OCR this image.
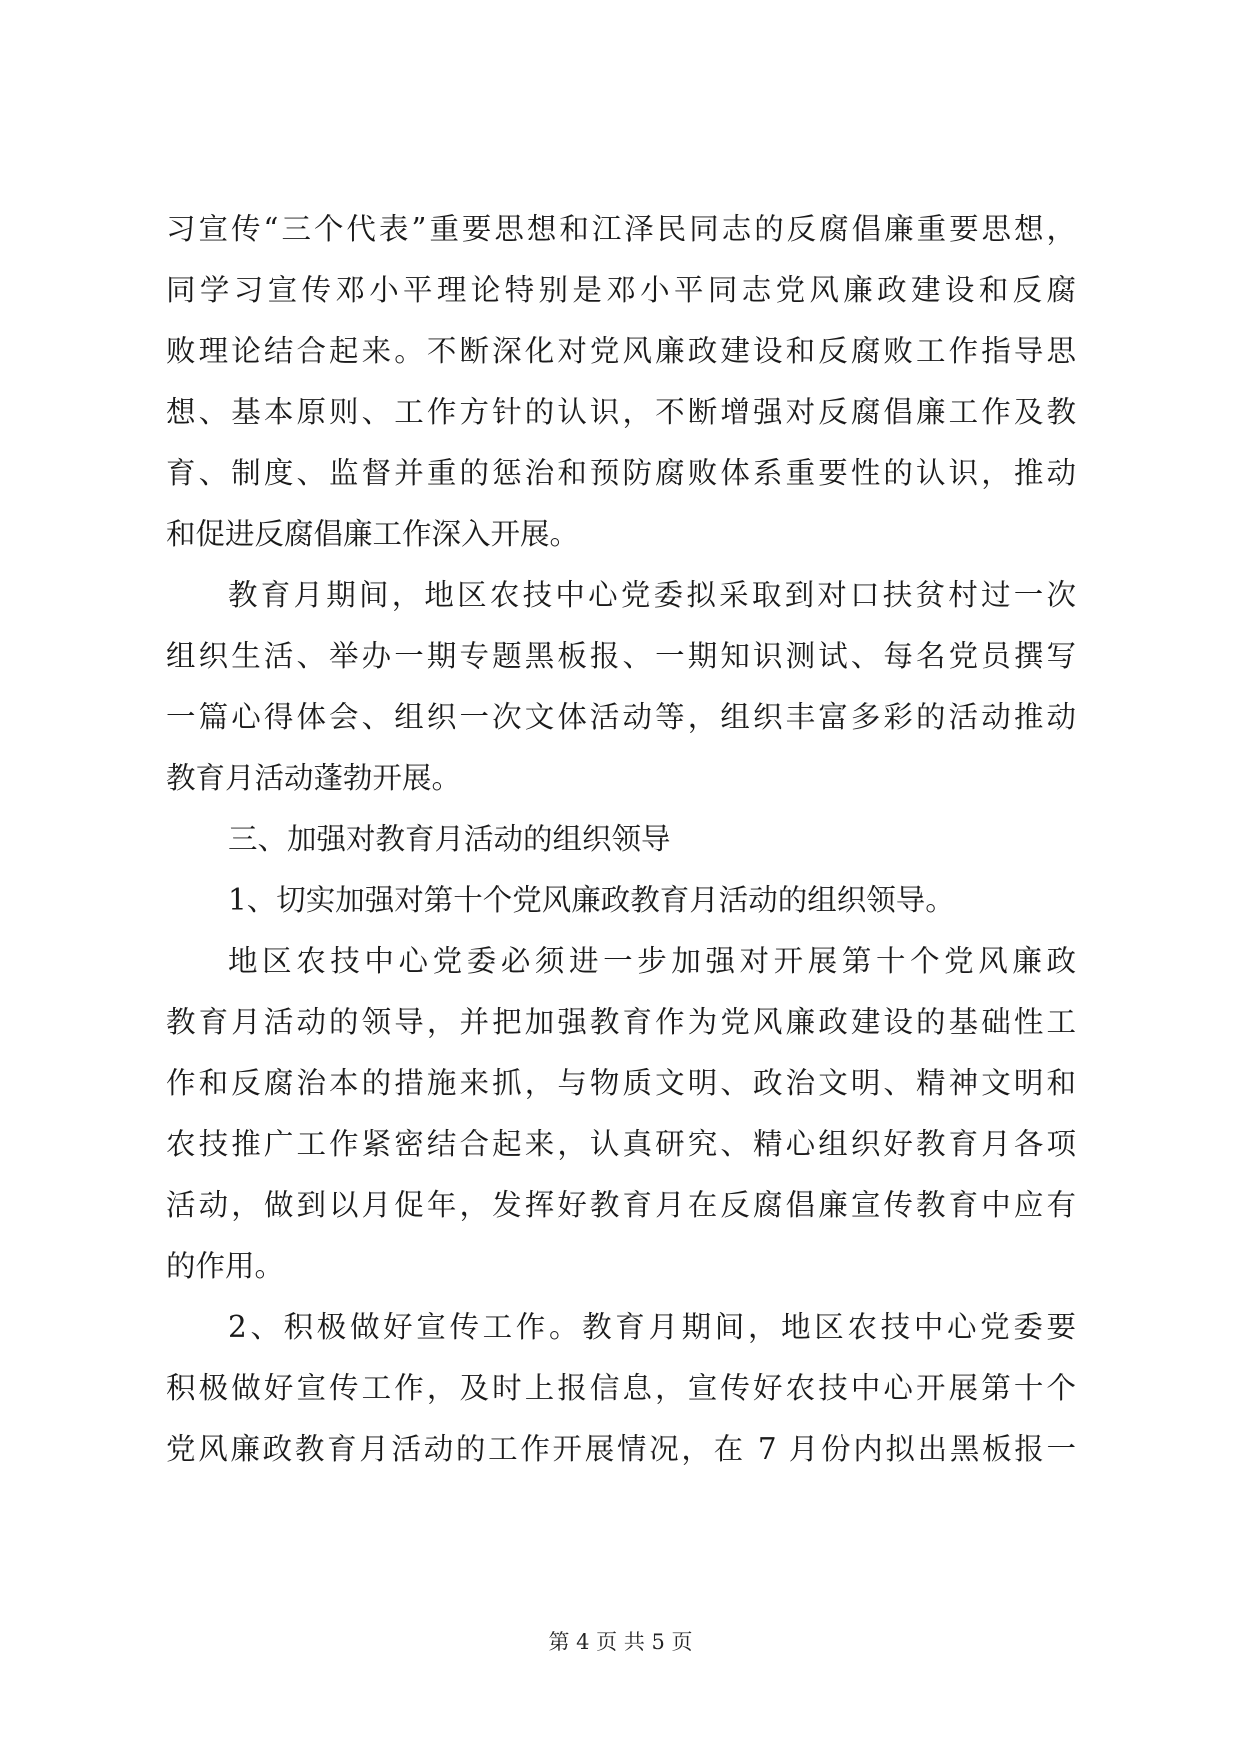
习宣传“三个代表”重要思想和江泽民同志的反腐倡廉重要思想，
同学习宣传邓小平理论特别是邓小平同志党风廉政建设和反腐
败理论结合起来。不断深化对党风廉政建设和反腐败工作指导思
想、基本原则、工作方针的认识，不断增强对反腐倡廉工作及教
育、制度、监督并重的惩治和预防腐败体系重要性的认识，推动
和促进反腐倡廉工作深入开展。
教育月期间，地区农技中心党委拟采取到对口扶贫村过一次
组织生活、举办一期专题黑板报、一期知识测试、每名党员撰写
一篇心得体会、组织一次文体活动等，组织丰富多彩的活动推动
教育月活动蓬勃开展。
三、加强对教育月活动的组织领导
1、切实加强对第十个党风廉政教育月活动的组织领导。
地区农技中心党委必须进一步加强对开展第十个党风廉政
教育月活动的领导，并把加强教育作为党风廉政建设的基础性工
作和反腐治本的措施来抓，与物质文明、政治文明、精神文明和
农技推广工作紧密结合起来，认真研究、精心组织好教育月各项
活动，做到以月促年，发挥好教育月在反腐倡廉宣传教育中应有
的作用。
2、积极做好宣传工作。教育月期间，地区农技中心党委要
积极做好宣传工作，及时上报信息，宣传好农技中心开展第十个
党风廉政教育月活动的工作开展情况，在 7 月份内拟出黑板报一
第 4 页 共 5 页
